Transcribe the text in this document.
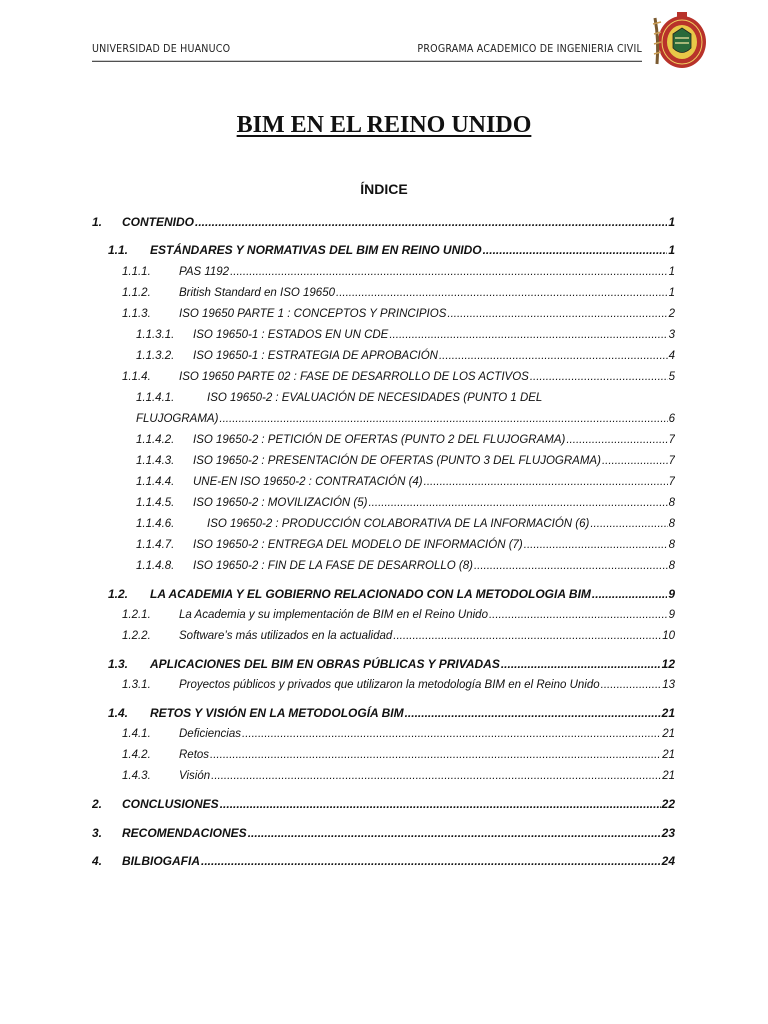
UNIVERSIDAD DE HUANUCO	PROGRAMA ACADEMICO DE INGENIERIA CIVIL
BIM EN EL REINO UNIDO
ÍNDICE
1.	CONTENIDO .....	1
1.1.	ESTÁNDARES Y NORMATIVAS DEL BIM EN REINO UNIDO .....	1
1.1.1.	PAS 1192 .....	1
1.1.2.	British Standard en ISO 19650 .....	1
1.1.3.	ISO 19650 PARTE 1 : CONCEPTOS Y PRINCIPIOS .....	2
1.1.3.1.	ISO 19650-1 : ESTADOS EN UN CDE .....	3
1.1.3.2.	ISO 19650-1 : ESTRATEGIA DE APROBACIÓN .....	4
1.1.4.	ISO 19650 PARTE 02 : FASE DE DESARROLLO DE LOS ACTIVOS .....	5
1.1.4.1.	ISO 19650-2 : EVALUACIÓN DE NECESIDADES (PUNTO 1 DEL
FLUJOGRAMA) .....	6
1.1.4.2.	ISO 19650-2 : PETICIÓN DE OFERTAS (PUNTO 2 DEL FLUJOGRAMA) .....	7
1.1.4.3.	ISO 19650-2 : PRESENTACIÓN DE OFERTAS (PUNTO 3 DEL FLUJOGRAMA) .....	7
1.1.4.4.	UNE-EN ISO 19650-2 : CONTRATACIÓN (4) .....	7
1.1.4.5.	ISO 19650-2 : MOVILIZACIÓN (5) .....	8
1.1.4.6.	ISO 19650-2 : PRODUCCIÓN COLABORATIVA DE LA INFORMACIÓN (6) .....	8
1.1.4.7.	ISO 19650-2 : ENTREGA DEL MODELO DE INFORMACIÓN (7) .....	8
1.1.4.8.	ISO 19650-2 : FIN DE LA FASE DE DESARROLLO (8) .....	8
1.2.	LA ACADEMIA Y EL GOBIERNO RELACIONADO CON LA METODOLOGIA BIM .....	9
1.2.1.	La Academia y su implementación de BIM en el Reino Unido .....	9
1.2.2.	Software’s más utilizados en la actualidad .....	10
1.3.	APLICACIONES DEL BIM EN OBRAS PÚBLICAS Y PRIVADAS .....	12
1.3.1.	Proyectos públicos y privados que utilizaron la metodología BIM en el Reino Unido .....	13
1.4.	RETOS Y VISIÓN EN LA METODOLOGÍA BIM .....	21
1.4.1.	Deficiencias .....	21
1.4.2.	Retos .....	21
1.4.3.	Visión .....	21
2.	CONCLUSIONES .....	22
3.	RECOMENDACIONES .....	23
4.	BILBIOGAFIA .....	24
